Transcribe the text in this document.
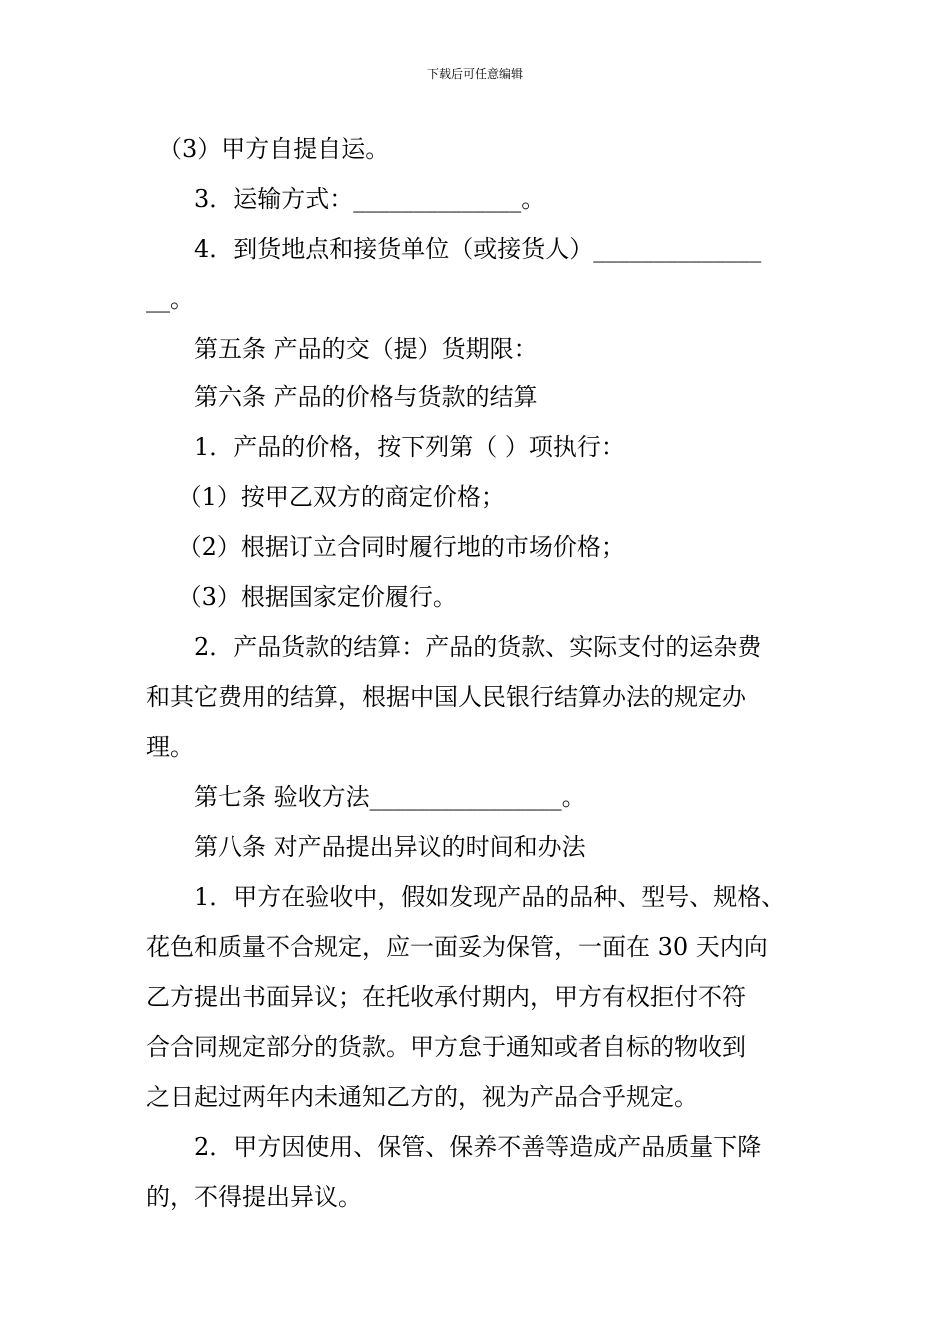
下载后可任意编辑
　（3）甲方自提自运。
　　3．运输方式：______________。
　　4．到货地点和接货单位（或接货人）______________
__。
　　第五条 产品的交（提）货期限：
　　第六条 产品的价格与货款的结算
　　1．产品的价格，按下列第（ ）项执行：
　 （1）按甲乙双方的商定价格；
　 （2）根据订立合同时履行地的市场价格；
　 （3）根据国家定价履行。
　　2．产品货款的结算：产品的货款、实际支付的运杂费
和其它费用的结算，根据中国人民银行结算办法的规定办
理。
　　第七条 验收方法________________。
　　第八条 对产品提出异议的时间和办法
　　1．甲方在验收中，假如发现产品的品种、型号、规格、
花色和质量不合规定，应一面妥为保管，一面在 30 天内向
乙方提出书面异议；在托收承付期内，甲方有权拒付不符
合合同规定部分的货款。甲方怠于通知或者自标的物收到
之日起过两年内未通知乙方的，视为产品合乎规定。
　　2．甲方因使用、保管、保养不善等造成产品质量下降
的，不得提出异议。
